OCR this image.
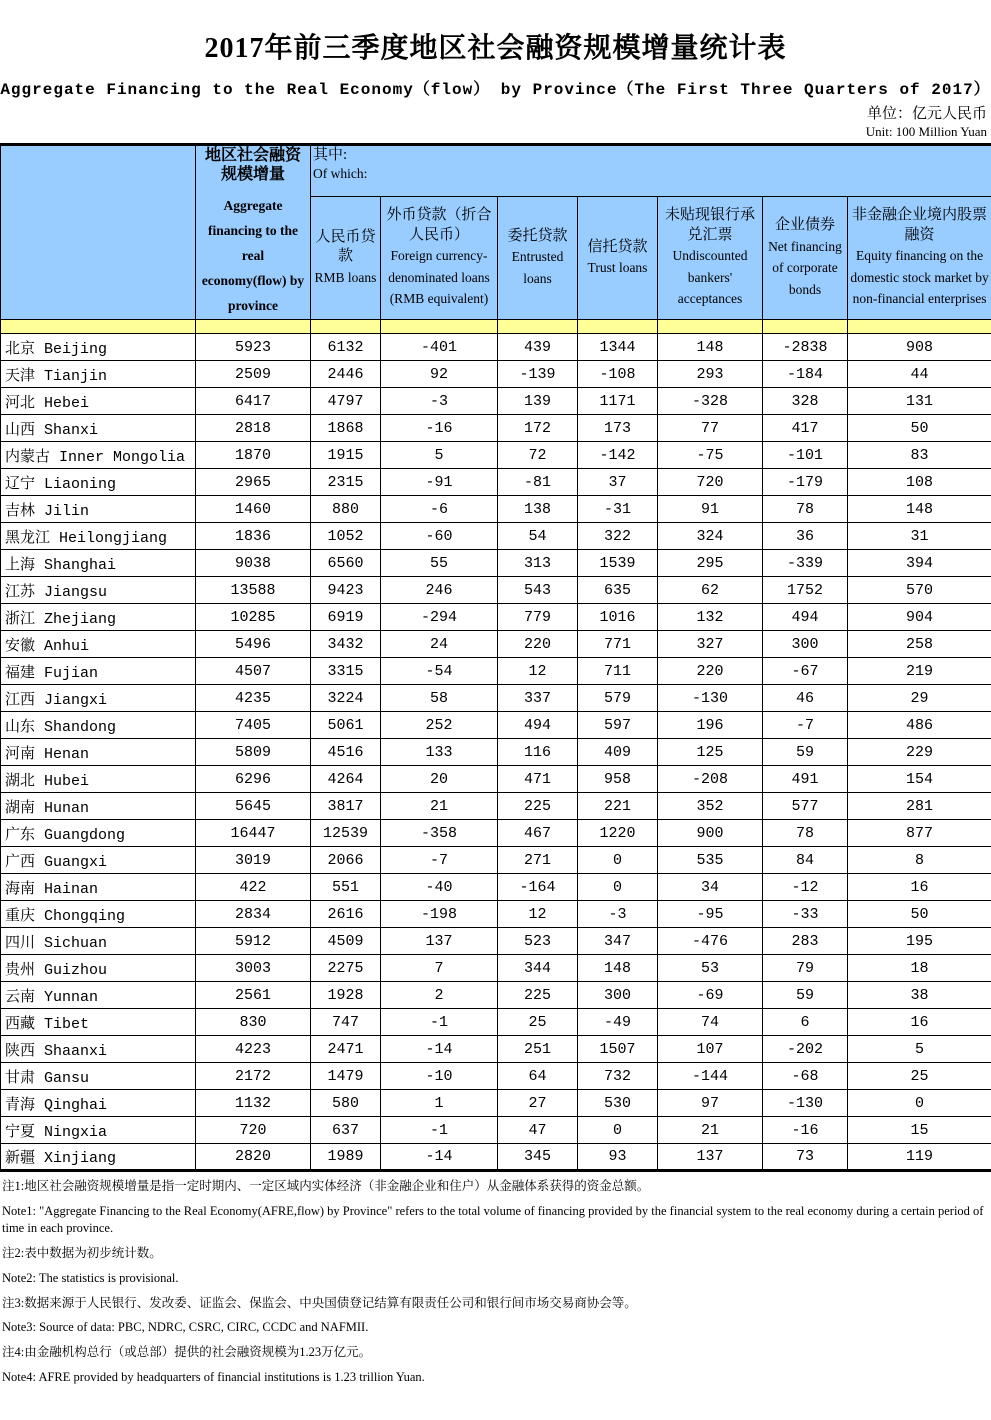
2017年前三季度地区社会融资规模增量统计表
Aggregate Financing to the Real Economy（flow） by Province（The First Three Quarters of 2017）
单位：亿元人民币
Unit: 100 Million Yuan

地区社会融资规模增量
Aggregate financing to the real economy(flow) by province

其中:
Of which:

人民币贷款
RMB loans

外币贷款（折合人民币）
Foreign currency-denominated loans (RMB equivalent)

委托贷款
Entrusted loans

信托贷款
Trust loans

未贴现银行承兑汇票
Undiscounted bankers' acceptances

企业债券
Net financing of corporate bonds

非金融企业境内股票融资
Equity financing on the domestic stock market by non-financial enterprises

北京 Beijing	5923	6132	-401	439	1344	148	-2838	908
天津 Tianjin	2509	2446	92	-139	-108	293	-184	44
河北 Hebei	6417	4797	-3	139	1171	-328	328	131
山西 Shanxi	2818	1868	-16	172	173	77	417	50
内蒙古 Inner Mongolia	1870	1915	5	72	-142	-75	-101	83
辽宁 Liaoning	2965	2315	-91	-81	37	720	-179	108
吉林 Jilin	1460	880	-6	138	-31	91	78	148
黑龙江 Heilongjiang	1836	1052	-60	54	322	324	36	31
上海 Shanghai	9038	6560	55	313	1539	295	-339	394
江苏 Jiangsu	13588	9423	246	543	635	62	1752	570
浙江 Zhejiang	10285	6919	-294	779	1016	132	494	904
安徽 Anhui	5496	3432	24	220	771	327	300	258
福建 Fujian	4507	3315	-54	12	711	220	-67	219
江西 Jiangxi	4235	3224	58	337	579	-130	46	29
山东 Shandong	7405	5061	252	494	597	196	-7	486
河南 Henan	5809	4516	133	116	409	125	59	229
湖北 Hubei	6296	4264	20	471	958	-208	491	154
湖南 Hunan	5645	3817	21	225	221	352	577	281
广东 Guangdong	16447	12539	-358	467	1220	900	78	877
广西 Guangxi	3019	2066	-7	271	0	535	84	8
海南 Hainan	422	551	-40	-164	0	34	-12	16
重庆 Chongqing	2834	2616	-198	12	-3	-95	-33	50
四川 Sichuan	5912	4509	137	523	347	-476	283	195
贵州 Guizhou	3003	2275	7	344	148	53	79	18
云南 Yunnan	2561	1928	2	225	300	-69	59	38
西藏 Tibet	830	747	-1	25	-49	74	6	16
陕西 Shaanxi	4223	2471	-14	251	1507	107	-202	5
甘肃 Gansu	2172	1479	-10	64	732	-144	-68	25
青海 Qinghai	1132	580	1	27	530	97	-130	0
宁夏 Ningxia	720	637	-1	47	0	21	-16	15
新疆 Xinjiang	2820	1989	-14	345	93	137	73	119
注1:地区社会融资规模增量是指一定时期内、一定区域内实体经济（非金融企业和住户）从金融体系获得的资金总额。
Note1: "Aggregate Financing to the Real Economy(AFRE,flow) by Province" refers to the total volume of financing provided by the financial system to the real economy during a certain period of time in each province.
注2:表中数据为初步统计数。
Note2: The statistics is provisional.
注3:数据来源于人民银行、发改委、证监会、保监会、中央国债登记结算有限责任公司和银行间市场交易商协会等。
Note3: Source of data: PBC, NDRC, CSRC, CIRC, CCDC and NAFMII.
注4:由金融机构总行（或总部）提供的社会融资规模为1.23万亿元。
Note4: AFRE provided by headquarters of financial institutions is 1.23 trillion Yuan.
